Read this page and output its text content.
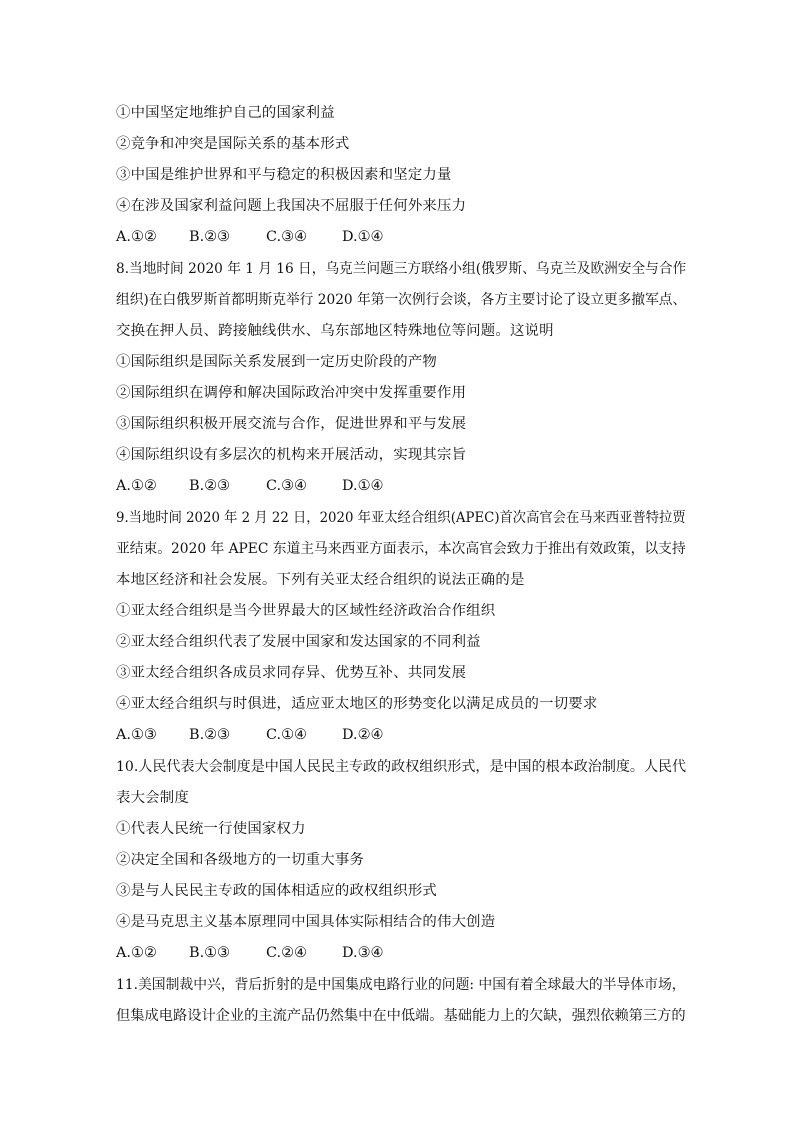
①中国坚定地维护自己的国家利益
②竞争和冲突是国际关系的基本形式
③中国是维护世界和平与稳定的积极因素和坚定力量
④在涉及国家利益问题上我国决不屈服于任何外来压力
A.①② B.②③	C.③④ D.①④
8.当地时间 2020 年 1 月 16 日，乌克兰问题三方联络小组(俄罗斯、乌克兰及欧洲安全与合作
组织)在白俄罗斯首都明斯克举行 2020 年第一次例行会谈，各方主要讨论了设立更多撤军点、
交换在押人员、跨接触线供水、乌东部地区特殊地位等问题。这说明
①国际组织是国际关系发展到一定历史阶段的产物
②国际组织在调停和解决国际政治冲突中发挥重要作用
③国际组织积极开展交流与合作，促进世界和平与发展
④国际组织设有多层次的机构来开展活动，实现其宗旨
A.①② B.②③	C.③④ D.①④
9.当地时间 2020 年 2 月 22 日，2020 年亚太经合组织(APEC)首次高官会在马来西亚普特拉贾
亚结束。2020 年 APEC 东道主马来西亚方面表示，本次高官会致力于推出有效政策，以支持
本地区经济和社会发展。下列有关亚太经合组织的说法正确的是
①亚太经合组织是当今世界最大的区域性经济政治合作组织
②亚太经合组织代表了发展中国家和发达国家的不同利益
③亚太经合组织各成员求同存异、优势互补、共同发展
④亚太经合组织与时俱进，适应亚太地区的形势变化以满足成员的一切要求
A.①③ B.②③	C.①④ D.②④
10.人民代表大会制度是中国人民民主专政的政权组织形式，是中国的根本政治制度。人民代
表大会制度
①代表人民统一行使国家权力
②决定全国和各级地方的一切重大事务
③是与人民民主专政的国体相适应的政权组织形式
④是马克思主义基本原理同中国具体实际相结合的伟大创造
A.①② B.①③	C.②④ D.③④
11.美国制裁中兴，背后折射的是中国集成电路行业的问题: 中国有着全球最大的半导体市场，
但集成电路设计企业的主流产品仍然集中在中低端。基础能力上的欠缺，强烈依赖第三方的
